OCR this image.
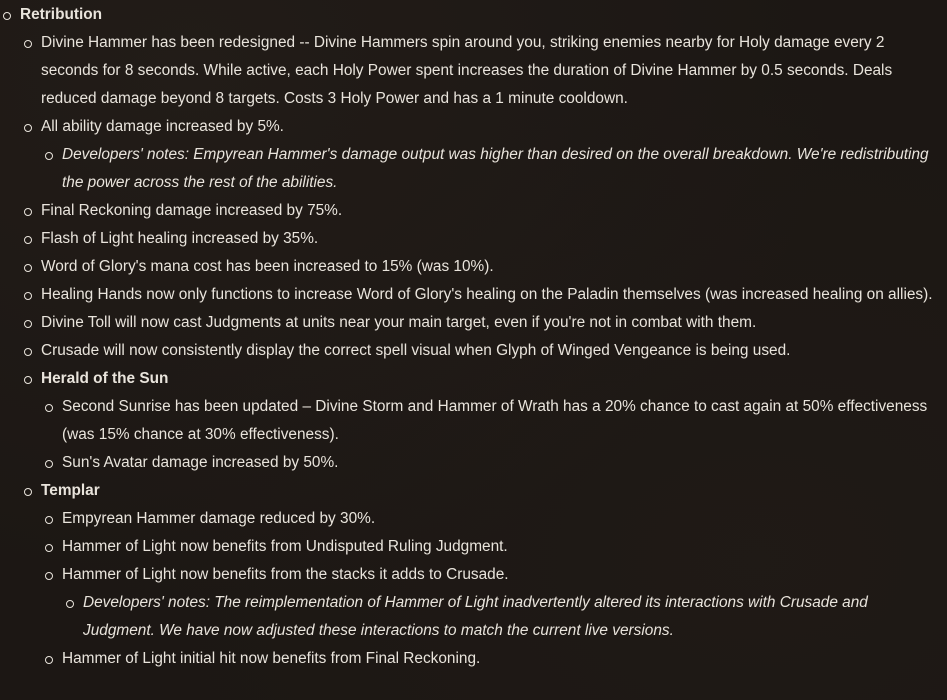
Retribution
Divine Hammer has been redesigned -- Divine Hammers spin around you, striking enemies nearby for Holy damage every 2 seconds for 8 seconds. While active, each Holy Power spent increases the duration of Divine Hammer by 0.5 seconds. Deals reduced damage beyond 8 targets. Costs 3 Holy Power and has a 1 minute cooldown.
All ability damage increased by 5%.
Developers' notes: Empyrean Hammer's damage output was higher than desired on the overall breakdown. We're redistributing the power across the rest of the abilities.
Final Reckoning damage increased by 75%.
Flash of Light healing increased by 35%.
Word of Glory's mana cost has been increased to 15% (was 10%).
Healing Hands now only functions to increase Word of Glory's healing on the Paladin themselves (was increased healing on allies).
Divine Toll will now cast Judgments at units near your main target, even if you're not in combat with them.
Crusade will now consistently display the correct spell visual when Glyph of Winged Vengeance is being used.
Herald of the Sun
Second Sunrise has been updated – Divine Storm and Hammer of Wrath has a 20% chance to cast again at 50% effectiveness (was 15% chance at 30% effectiveness).
Sun's Avatar damage increased by 50%.
Templar
Empyrean Hammer damage reduced by 30%.
Hammer of Light now benefits from Undisputed Ruling Judgment.
Hammer of Light now benefits from the stacks it adds to Crusade.
Developers' notes: The reimplementation of Hammer of Light inadvertently altered its interactions with Crusade and Judgment. We have now adjusted these interactions to match the current live versions.
Hammer of Light initial hit now benefits from Final Reckoning.
